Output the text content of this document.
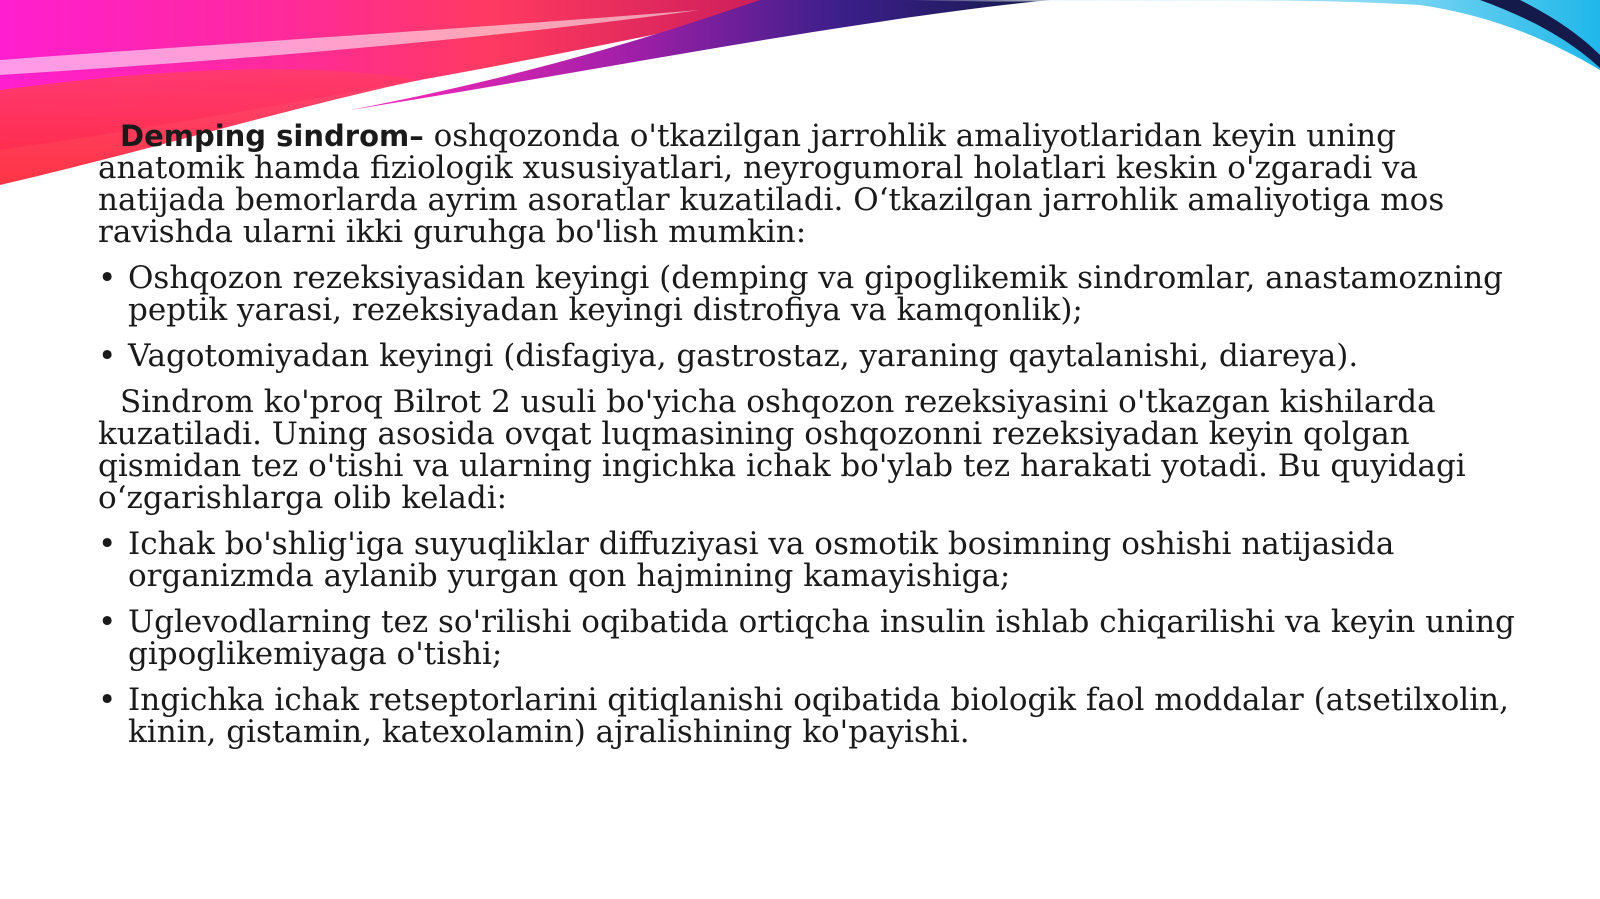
Demping sindrom– oshqozonda o'tkazilgan jarrohlik amaliyotlaridan keyin uning anatomik hamda fiziologik xususiyatlari, neyrogumoral holatlari keskin o'zgaradi va natijada bemorlarda ayrim asoratlar kuzatiladi. O‘tkazilgan jarrohlik amaliyotiga mos ravishda ularni ikki guruhga bo'lish mumkin:

• Oshqozon rezeksiyasidan keyingi (demping va gipoglikemik sindromlar, anastamozning peptik yarasi, rezeksiyadan keyingi distrofiya va kamqonlik);
• Vagotomiyadan keyingi (disfagiya, gastrostaz, yaraning qaytalanishi, diareya).

Sindrom ko'proq Bilrot 2 usuli bo'yicha oshqozon rezeksiyasini o'tkazgan kishilarda kuzatiladi. Uning asosida ovqat luqmasining oshqozonni rezeksiyadan keyin qolgan qismidan tez o'tishi va ularning ingichka ichak bo'ylab tez harakati yotadi. Bu quyidagi o‘zgarishlarga olib keladi:

• Ichak bo'shlig'iga suyuqliklar diffuziyasi va osmotik bosimning oshishi natijasida organizmda aylanib yurgan qon hajmining kamayishiga;
• Uglevodlarning tez so'rilishi oqibatida ortiqcha insulin ishlab chiqarilishi va keyin uning gipoglikemiyaga o'tishi;
• Ingichka ichak retseptorlarini qitiqlanishi oqibatida biologik faol moddalar (atsetilxolin, kinin, gistamin, katexolamin) ajralishining ko'payishi.
